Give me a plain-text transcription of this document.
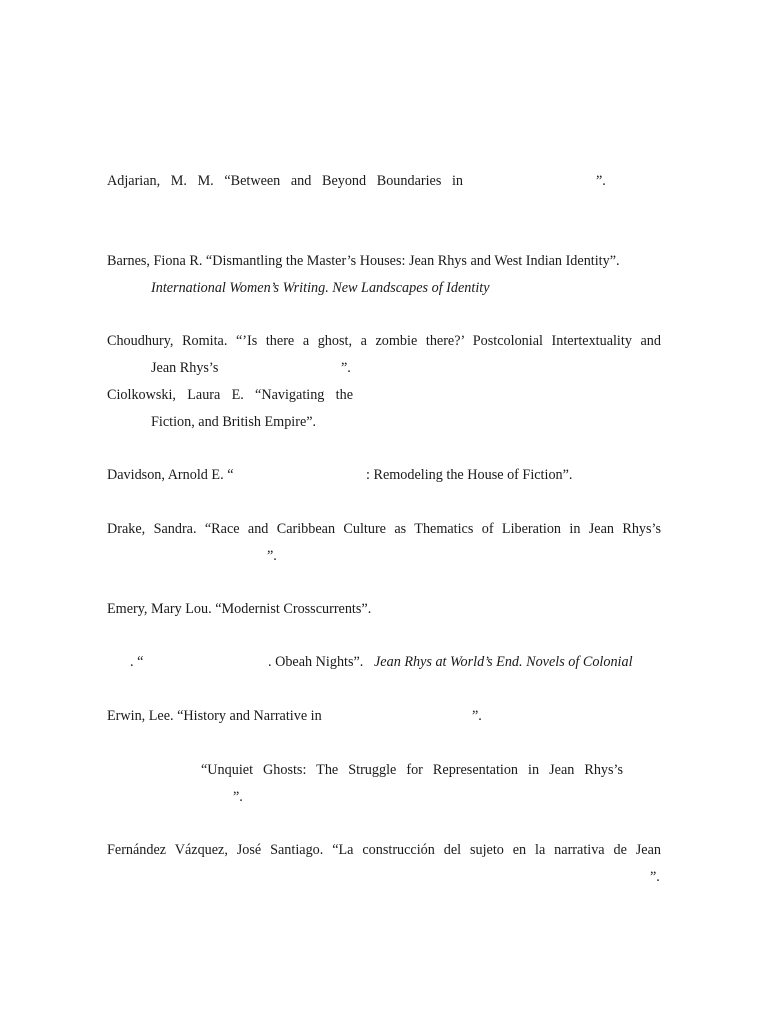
Adjarian, M. M. “Between and Beyond Boundaries in	”.
Barnes, Fiona R. “Dismantling the Master’s Houses: Jean Rhys and West Indian Identity”.
International Women’s Writing. New Landscapes of Identity
Choudhury, Romita. “’Is there a ghost, a zombie there?’ Postcolonial Intertextuality and
Jean Rhys’s	”.
Ciolkowski, Laura E. “Navigating the
Fiction, and British Empire”.
Davidson, Arnold E. “	: Remodeling the House of Fiction”.
Drake, Sandra. “Race and Caribbean Culture as Thematics of Liberation in Jean Rhys’s
”.
Emery, Mary Lou. “Modernist Crosscurrents”.
. “	. Obeah Nights”. Jean Rhys at World’s End. Novels of Colonial
Erwin, Lee. “History and Narrative in	”.
“Unquiet Ghosts: The Struggle for Representation in Jean Rhys’s
”.
Fernández Vázquez, José Santiago. “La construcción del sujeto en la narrativa de Jean
”.
